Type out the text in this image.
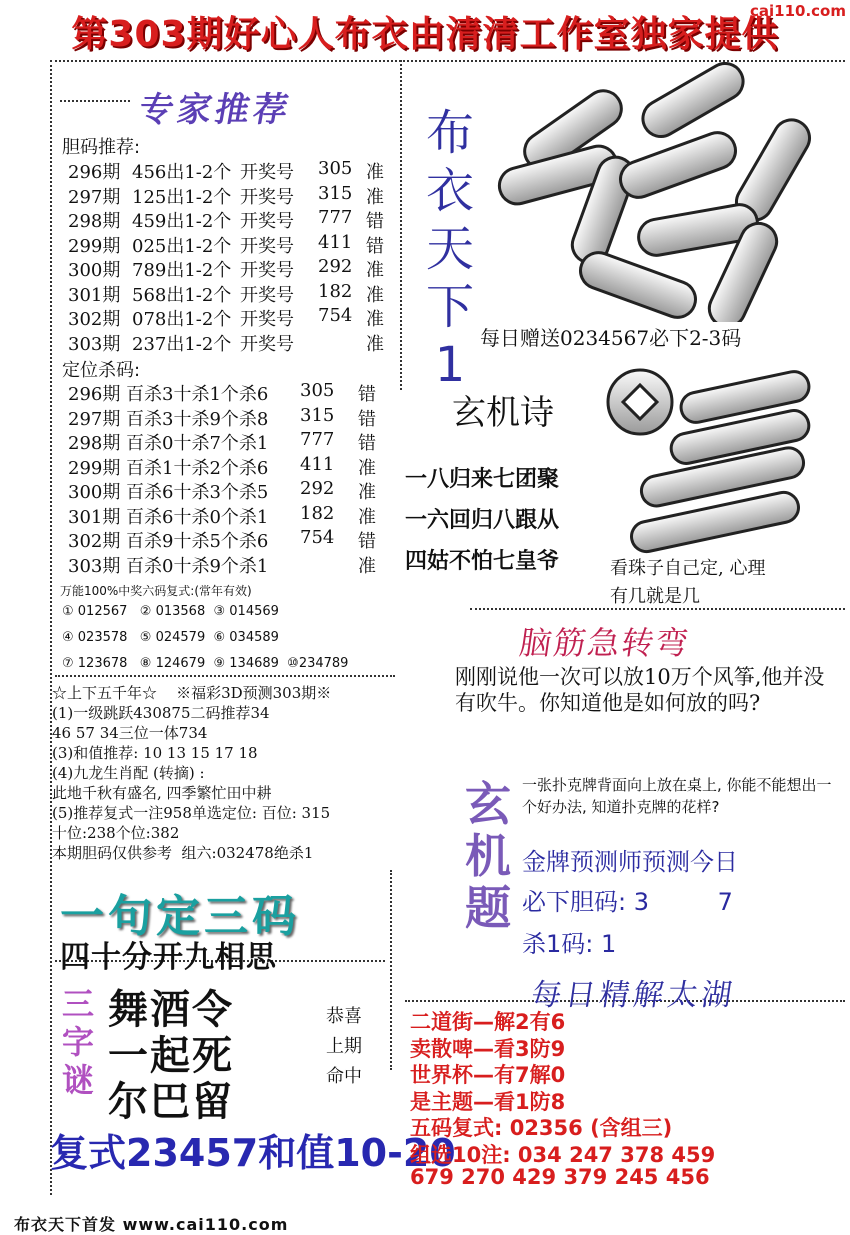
cai110.com
第303期好心人布衣由清清工作室独家提供
专家推荐
胆码推荐:
296期 456出1-2个 开奖号 305 准
297期 125出1-2个 开奖号 315 准
298期 459出1-2个 开奖号 777 错
299期 025出1-2个 开奖号 411 错
300期 789出1-2个 开奖号 292 准
301期 568出1-2个 开奖号 182 准
302期 078出1-2个 开奖号 754 准
303期 237出1-2个 开奖号	准
定位杀码:
296期 百杀3十杀1个杀6 305 错
297期 百杀3十杀9个杀8 315 错
298期 百杀0十杀7个杀1 777 错
299期 百杀1十杀2个杀6 411 准
300期 百杀6十杀3个杀5 292 准
301期 百杀6十杀0个杀1 182 准
302期 百杀9十杀5个杀6 754 错
303期 百杀0十杀9个杀1	准
万能100%中奖六码复式:(常年有效)
① 012567   ② 013568  ③ 014569
④ 023578   ⑤ 024579  ⑥ 034589
⑦ 123678   ⑧ 124679  ⑨ 134689  ⑩234789
☆上下五千年☆    ※福彩3D预测303期※
(1)一级跳跃430875二码推荐34
46 57 34三位一体734
(3)和值推荐: 10 13 15 17 18
(4)九龙生肖配 (转摘) :
此地千秋有盛名, 四季繁忙田中耕
(5)推荐复式一注958单选定位: 百位: 315
十位:238个位:382
本期胆码仅供参考  组六:032478绝杀1
布
衣
天
下
1 每日赠送0234567必下2-3码
玄机诗
一八归来七团聚
一六回归八跟从
四姑不怕七皇爷	看珠子自己定, 心理
有几就是几
脑筋急转弯
刚刚说他一次可以放10万个风筝,他并没有吹牛。你知道他是如何放的吗?
玄
机
题
一张扑克牌背面向上放在桌上, 你能不能想出一个好办法, 知道扑克牌的花样?
金牌预测师预测今日
必下胆码: 3         7
杀1码: 1
一句定三码
四十分开九相思
三
字
谜
舞酒令
一起死
尔巴留
恭喜
上期
命中
复式23457和值10-20
每日精解太湖
二道街—解2有6
卖散啤—看3防9
世界杯—有7解0
是主题—看1防8
五码复式: 02356 (含组三)
组选10注: 034 247 378 459
679 270 429 379 245 456
布衣天下首发 www.cai110.com
